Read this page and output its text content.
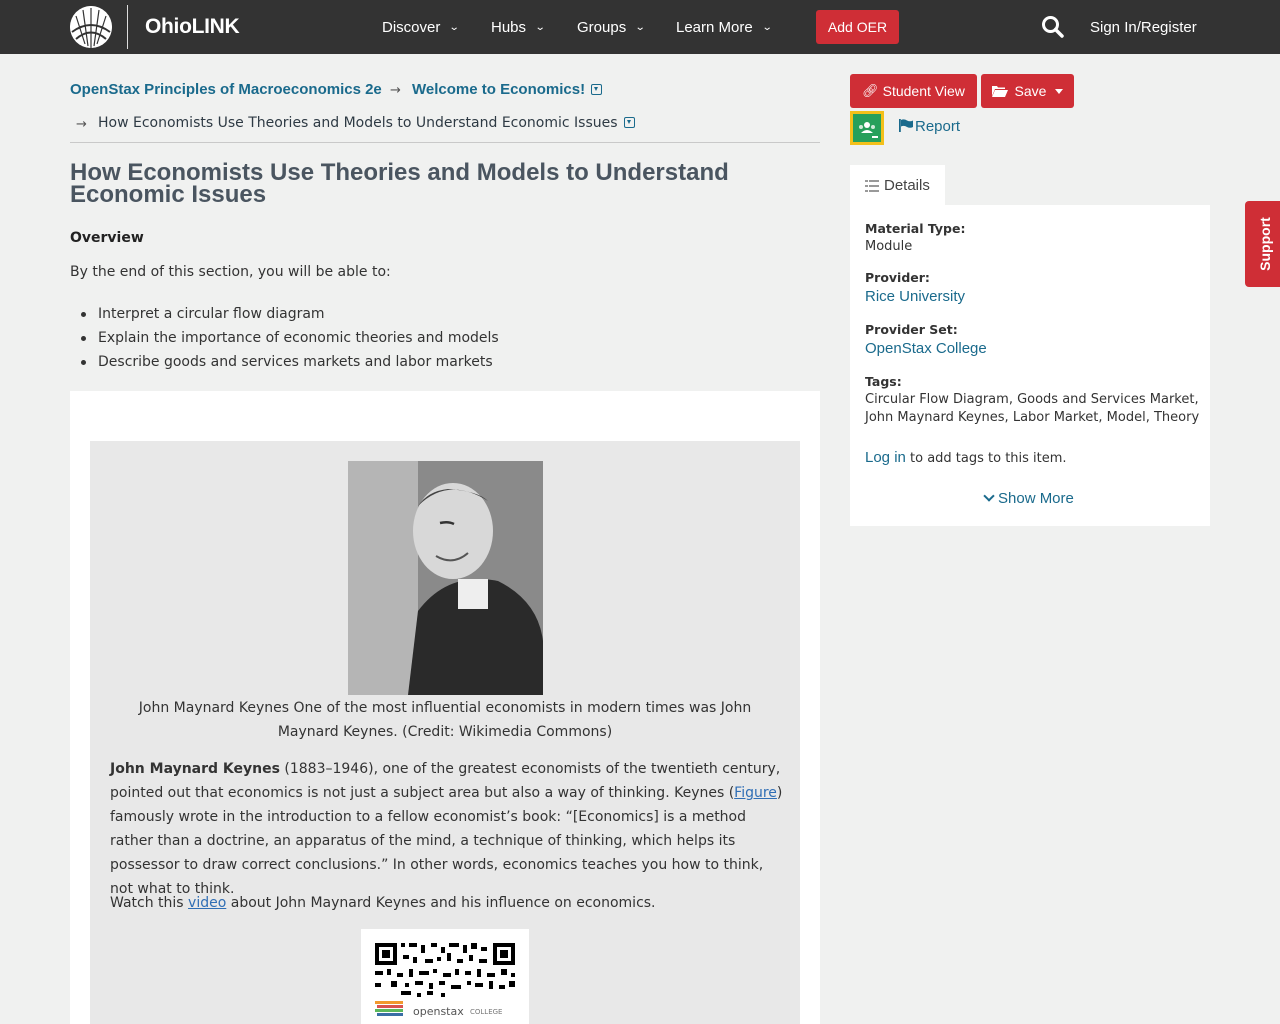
OhioLINK	Discover ⌄ Hubs ⌄ Groups ⌄ Learn More ⌄	Add OER	Sign In/Register
OpenStax Principles of Macroeconomics 2e → Welcome to Economics!
→ How Economists Use Theories and Models to Understand Economic Issues
How Economists Use Theories and Models to Understand Economic Issues
Overview
By the end of this section, you will be able to:
Interpret a circular flow diagram
Explain the importance of economic theories and models
Describe goods and services markets and labor markets
John Maynard Keynes One of the most influential economists in modern times was John Maynard Keynes. (Credit: Wikimedia Commons)
John Maynard Keynes (1883–1946), one of the greatest economists of the twentieth century, pointed out that economics is not just a subject area but also a way of thinking. Keynes (Figure) famously wrote in the introduction to a fellow economist’s book: “[Economics] is a method rather than a doctrine, an apparatus of the mind, a technique of thinking, which helps its possessor to draw correct conclusions.” In other words, economics teaches you how to think, not what to think.
Watch this video about John Maynard Keynes and his influence on economics.
openstax COLLEGE
🔗︎ Student View	Save
Report
Details
Material Type:
Module
Provider:
Rice University
Provider Set:
OpenStax College
Tags:
Circular Flow Diagram, Goods and Services Market,
John Maynard Keynes, Labor Market, Model, Theory
Log in to add tags to this item.
Show More
Support
